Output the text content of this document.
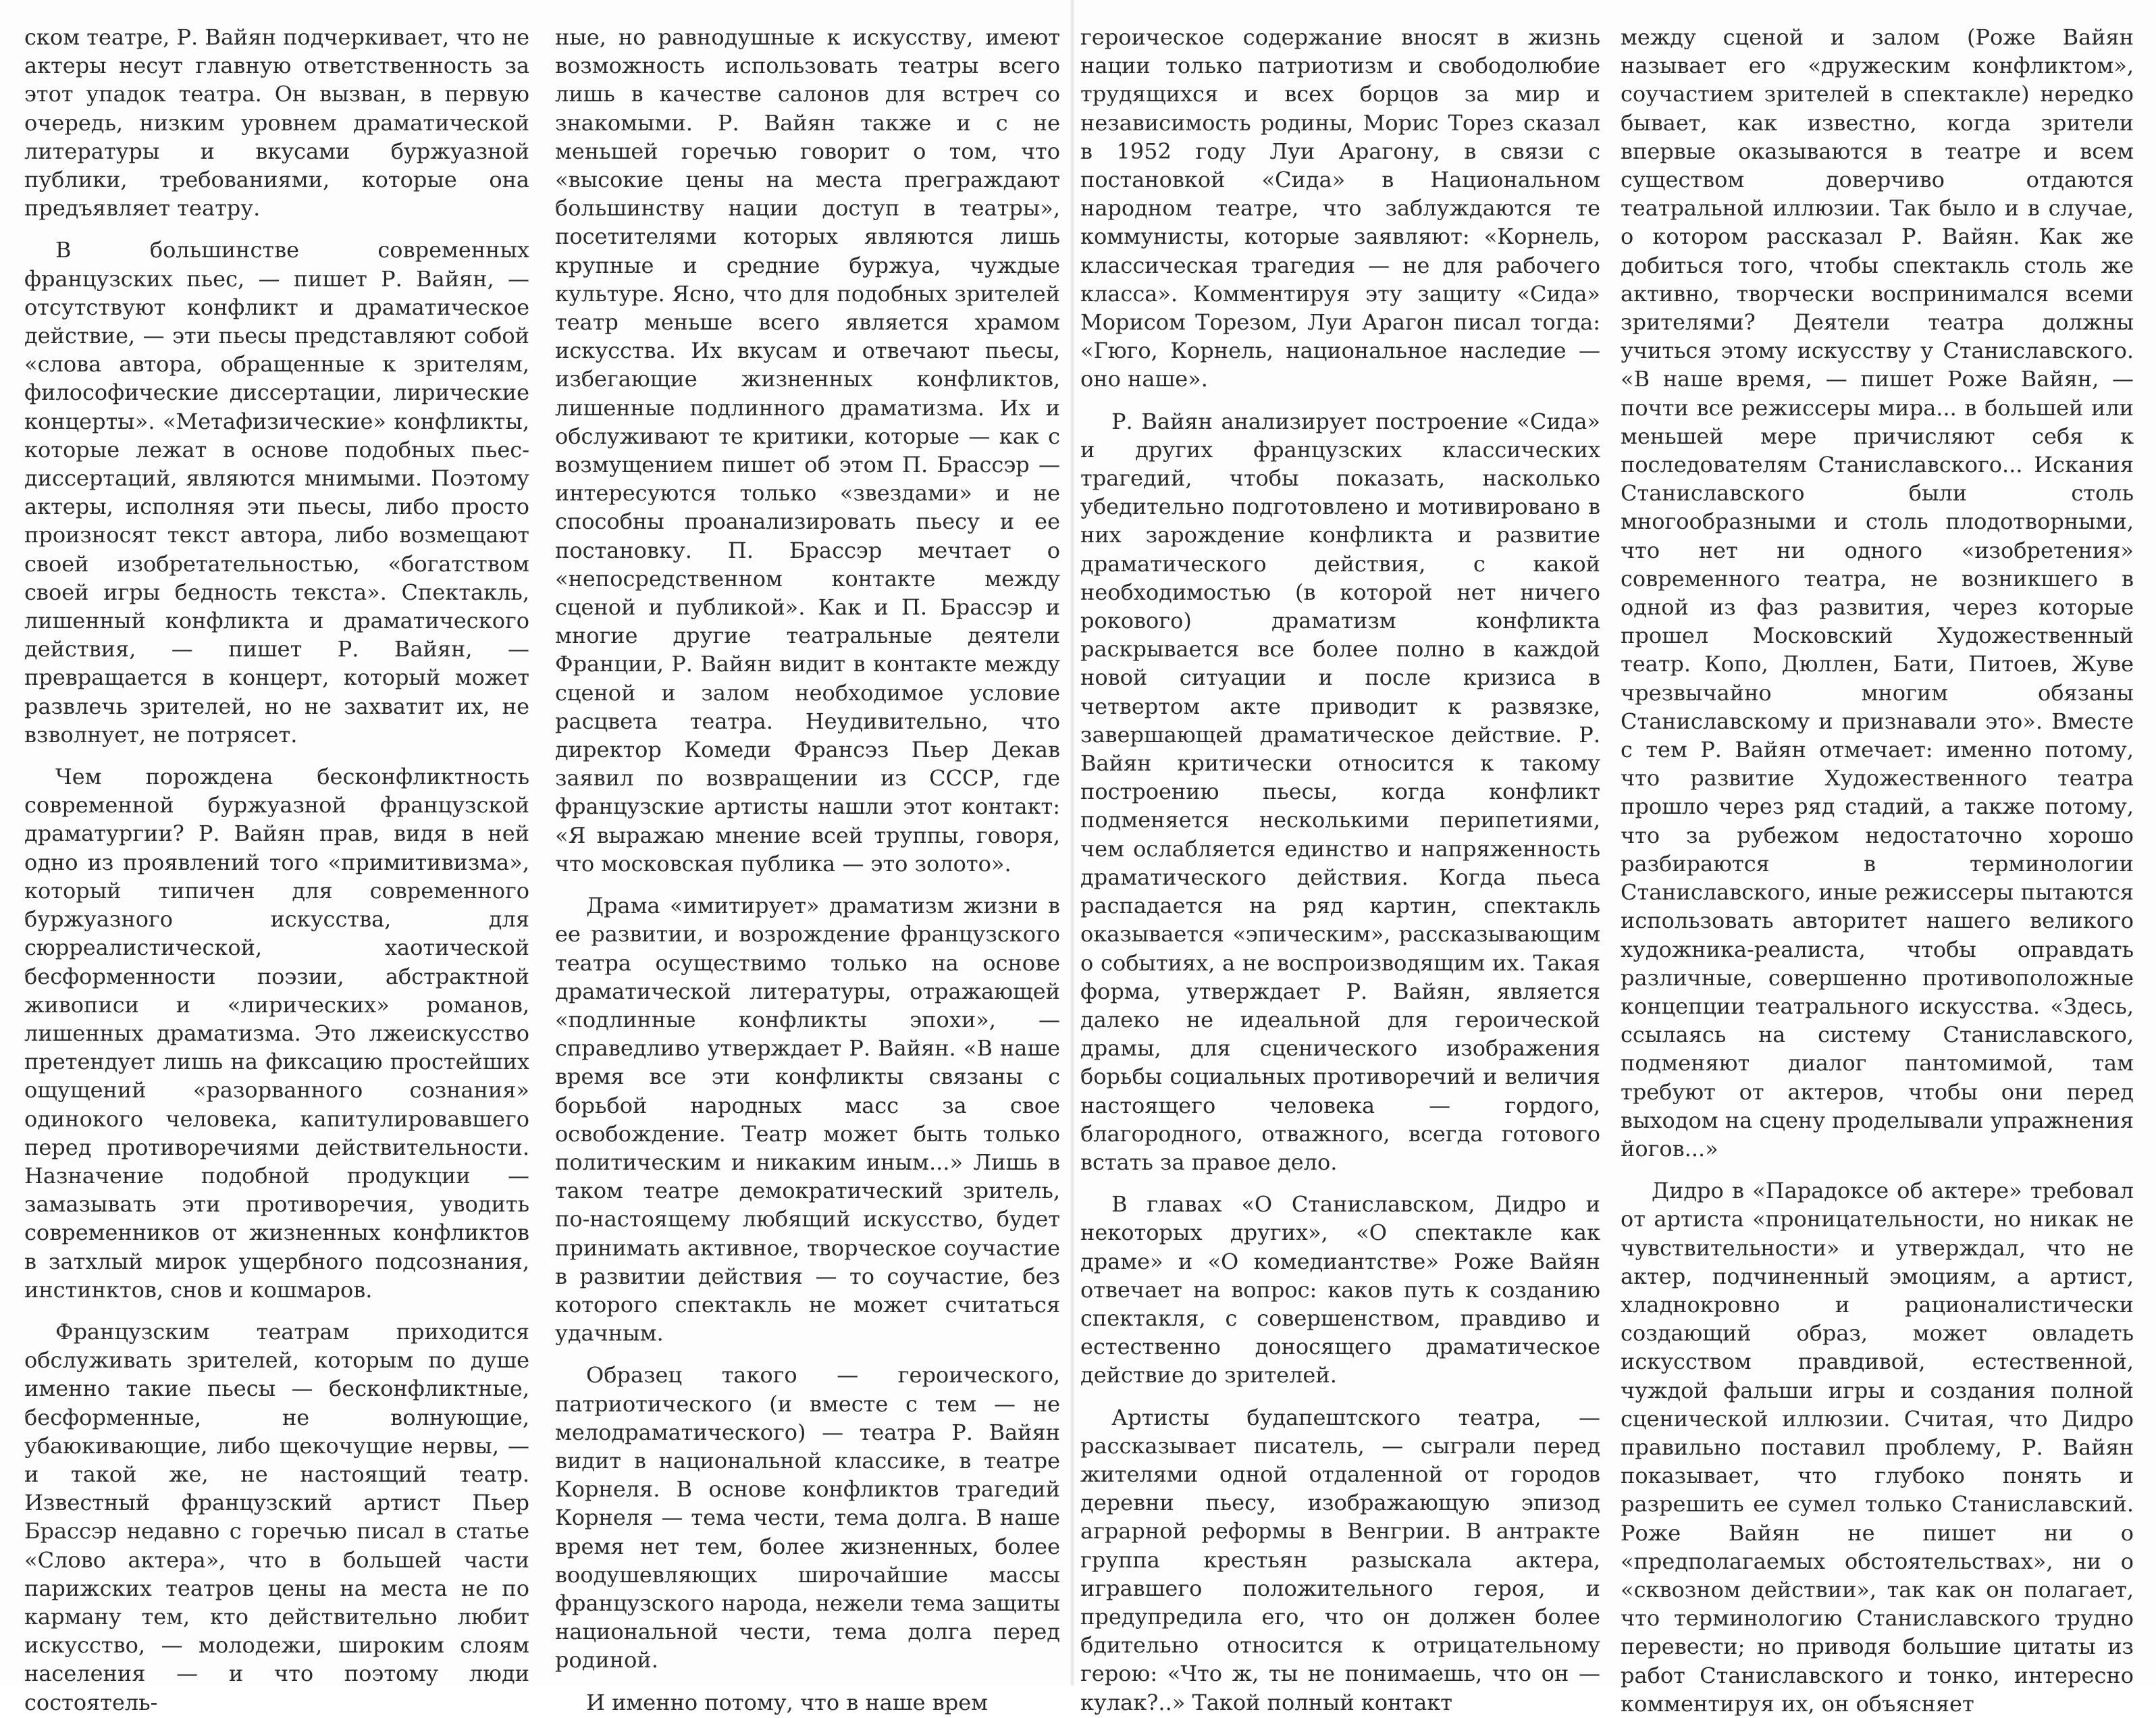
ском театре, Р. Вайян подчеркивает, что не актеры несут главную ответственность за этот упадок театра. Он вызван, в первую очередь, низким уровнем драматической литературы и вкусами буржуазной публики, требованиями, которые она предъявляет театру.

В большинстве современных французских пьес, — пишет Р. Вайян, — отсутствуют конфликт и драматическое действие, — эти пьесы представляют собой «слова автора, обращенные к зрителям, философические диссертации, лирические концерты». «Метафизические» конфликты, которые лежат в основе подобных пьес-диссертаций, являются мнимыми. Поэтому актеры, исполняя эти пьесы, либо просто произносят текст автора, либо возмещают своей изобретательностью, «богатством своей игры бедность текста». Спектакль, лишенный конфликта и драматического действия, — пишет Р. Вайян, — превращается в концерт, который может развлечь зрителей, но не захватит их, не взволнует, не потрясет.

Чем порождена бесконфликтность современной буржуазной французской драматургии? Р. Вайян прав, видя в ней одно из проявлений того «примитивизма», который типичен для современного буржуазного искусства, для сюрреалистической, хаотической бесформенности поэзии, абстрактной живописи и «лирических» романов, лишенных драматизма. Это лжеискусство претендует лишь на фиксацию простейших ощущений «разорванного сознания» одинокого человека, капитулировавшего перед противоречиями действительности. Назначение подобной продукции — замазывать эти противоречия, уводить современников от жизненных конфликтов в затхлый мирок ущербного подсознания, инстинктов, снов и кошмаров.

Французским театрам приходится обслуживать зрителей, которым по душе именно такие пьесы — бесконфликтные, бесформенные, не волнующие, убаюкивающие, либо щекочущие нервы, — и такой же, не настоящий театр. Известный французский артист Пьер Брассэр недавно с горечью писал в статье «Слово актера», что в большей части парижских театров цены на места не по карману тем, кто действительно любит искусство, — молодежи, широким слоям населения — и что поэтому люди состоятель-

ные, но равнодушные к искусству, имеют возможность использовать театры всего лишь в качестве салонов для встреч со знакомыми. Р. Вайян также и с не меньшей горечью говорит о том, что «высокие цены на места преграждают большинству нации доступ в театры», посетителями которых являются лишь крупные и средние буржуа, чуждые культуре. Ясно, что для подобных зрителей театр меньше всего является храмом искусства. Их вкусам и отвечают пьесы, избегающие жизненных конфликтов, лишенные подлинного драматизма. Их и обслуживают те критики, которые — как с возмущением пишет об этом П. Брассэр — интересуются только «звездами» и не способны проанализировать пьесу и ее постановку. П. Брассэр мечтает о «непосредственном контакте между сценой и публикой». Как и П. Брассэр и многие другие театральные деятели Франции, Р. Вайян видит в контакте между сценой и залом необходимое условие расцвета театра. Неудивительно, что директор Комеди Франсэз Пьер Декав заявил по возвращении из СССР, где французские артисты нашли этот контакт: «Я выражаю мнение всей труппы, говоря, что московская публика — это золото».

Драма «имитирует» драматизм жизни в ее развитии, и возрождение французского театра осуществимо только на основе драматической литературы, отражающей «подлинные конфликты эпохи», — справедливо утверждает Р. Вайян. «В наше время все эти конфликты связаны с борьбой народных масс за свое освобождение. Театр может быть только политическим и никаким иным...» Лишь в таком театре демократический зритель, по-настоящему любящий искусство, будет принимать активное, творческое соучастие в развитии действия — то соучастие, без которого спектакль не может считаться удачным.

Образец такого — героического, патриотического (и вместе с тем — не мелодраматического) — театра Р. Вайян видит в национальной классике, в театре Корнеля. В основе конфликтов трагедий Корнеля — тема чести, тема долга. В наше время нет тем, более жизненных, более воодушевляющих широчайшие массы французского народа, нежели тема защиты национальной чести, тема долга перед родиной.

И именно потому, что в наше врем

героическое содержание вносят в жизнь нации только патриотизм и свободолюбие трудящихся и всех борцов за мир и независимость родины, Морис Торез сказал в 1952 году Луи Арагону, в связи с постановкой «Сида» в Национальном народном театре, что заблуждаются те коммунисты, которые заявляют: «Корнель, классическая трагедия — не для рабочего класса». Комментируя эту защиту «Сида» Морисом Торезом, Луи Арагон писал тогда: «Гюго, Корнель, национальное наследие — оно наше».

Р. Вайян анализирует построение «Сида» и других французских классических трагедий, чтобы показать, насколько убедительно подготовлено и мотивировано в них зарождение конфликта и развитие драматического действия, с какой необходимостью (в которой нет ничего рокового) драматизм конфликта раскрывается все более полно в каждой новой ситуации и после кризиса в четвертом акте приводит к развязке, завершающей драматическое действие. Р. Вайян критически относится к такому построению пьесы, когда конфликт подменяется несколькими перипетиями, чем ослабляется единство и напряженность драматического действия. Когда пьеса распадается на ряд картин, спектакль оказывается «эпическим», рассказывающим о событиях, а не воспроизводящим их. Такая форма, утверждает Р. Вайян, является далеко не идеальной для героической драмы, для сценического изображения борьбы социальных противоречий и величия настоящего человека — гордого, благородного, отважного, всегда готового встать за правое дело.

В главах «О Станиславском, Дидро и некоторых других», «О спектакле как драме» и «О комедиантстве» Роже Вайян отвечает на вопрос: каков путь к созданию спектакля, с совершенством, правдиво и естественно доносящего драматическое действие до зрителей.

Артисты будапештского театра, — рассказывает писатель, — сыграли перед жителями одной отдаленной от городов деревни пьесу, изображающую эпизод аграрной реформы в Венгрии. В антракте группа крестьян разыскала актера, игравшего положительного героя, и предупредила его, что он должен более бдительно относится к отрицательному герою: «Что ж, ты не понимаешь, что он — кулак?..» Такой полный контакт

между сценой и залом (Роже Вайян называет его «дружеским конфликтом», соучастием зрителей в спектакле) нередко бывает, как известно, когда зрители впервые оказываются в театре и всем существом доверчиво отдаются театральной иллюзии. Так было и в случае, о котором рассказал Р. Вайян. Как же добиться того, чтобы спектакль столь же активно, творчески воспринимался всеми зрителями? Деятели театра должны учиться этому искусству у Станиславского. «В наше время, — пишет Роже Вайян, — почти все режиссеры мира... в большей или меньшей мере причисляют себя к последователям Станиславского... Искания Станиславского были столь многообразными и столь плодотворными, что нет ни одного «изобретения» современного театра, не возникшего в одной из фаз развития, через которые прошел Московский Художественный театр. Копо, Дюллен, Бати, Питоев, Жуве чрезвычайно многим обязаны Станиславскому и признавали это». Вместе с тем Р. Вайян отмечает: именно потому, что развитие Художественного театра прошло через ряд стадий, а также потому, что за рубежом недостаточно хорошо разбираются в терминологии Станиславского, иные режиссеры пытаются использовать авторитет нашего великого художника-реалиста, чтобы оправдать различные, совершенно противоположные концепции театрального искусства. «Здесь, ссылаясь на систему Станиславского, подменяют диалог пантомимой, там требуют от актеров, чтобы они перед выходом на сцену проделывали упражнения йогов...»

Дидро в «Парадоксе об актере» требовал от артиста «проницательности, но никак не чувствительности» и утверждал, что не актер, подчиненный эмоциям, а артист, хладнокровно и рационалистически создающий образ, может овладеть искусством правдивой, естественной, чуждой фальши игры и создания полной сценической иллюзии. Считая, что Дидро правильно поставил проблему, Р. Вайян показывает, что глубоко понять и разрешить ее сумел только Станиславский. Роже Вайян не пишет ни о «предполагаемых обстоятельствах», ни о «сквозном действии», так как он полагает, что терминологию Станиславского трудно перевести; но приводя большие цитаты из работ Станиславского и тонко, интересно комментируя их, он объясняет
